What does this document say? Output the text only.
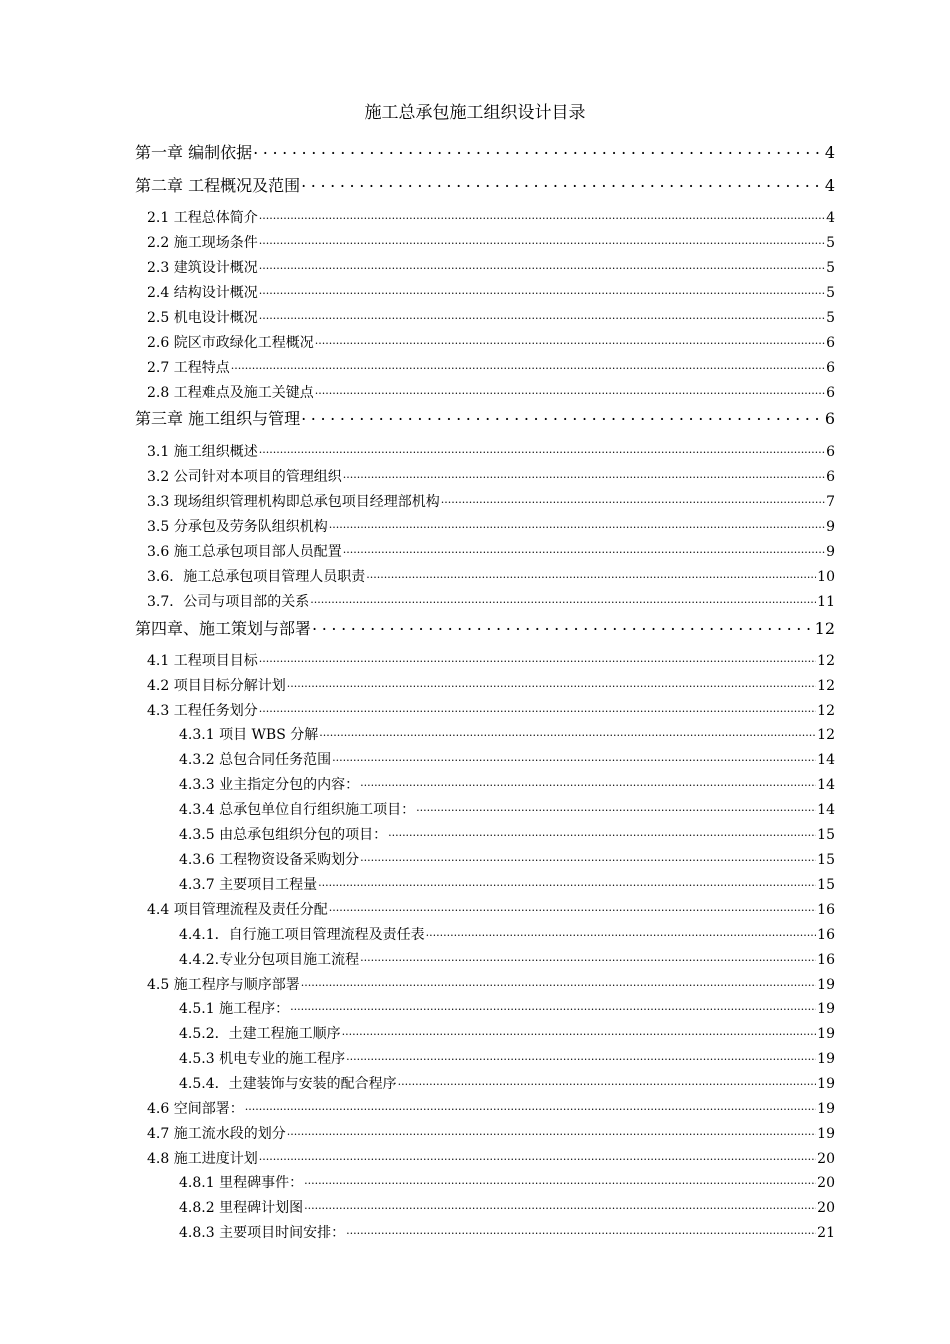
施工总承包施工组织设计目录
第一章 编制依据 .....	4
第二章 工程概况及范围 .....	4
2.1 工程总体简介 .....	4
2.2 施工现场条件 .....	5
2.3 建筑设计概况 .....	5
2.4 结构设计概况 .....	5
2.5 机电设计概况 .....	5
2.6 院区市政绿化工程概况 .....	6
2.7 工程特点 .....	6
2.8 工程难点及施工关键点 .....	6
第三章 施工组织与管理 .....	6
3.1 施工组织概述 .....	6
3.2 公司针对本项目的管理组织 .....	6
3.3 现场组织管理机构即总承包项目经理部机构 .....	7
3.5 分承包及劳务队组织机构 .....	9
3.6 施工总承包项目部人员配置 .....	9
3.6．施工总承包项目管理人员职责 .....	10
3.7．公司与项目部的关系 .....	11
第四章、施工策划与部署 .....	12
4.1 工程项目目标 .....	12
4.2 项目目标分解计划 .....	12
4.3 工程任务划分 .....	12
4.3.1 项目 WBS 分解 .....	12
4.3.2 总包合同任务范围 .....	14
4.3.3 业主指定分包的内容： .....	14
4.3.4 总承包单位自行组织施工项目： .....	14
4.3.5 由总承包组织分包的项目： .....	15
4.3.6 工程物资设备采购划分 .....	15
4.3.7 主要项目工程量 .....	15
4.4 项目管理流程及责任分配 .....	16
4.4.1．自行施工项目管理流程及责任表 .....	16
4.4.2.专业分包项目施工流程 .....	16
4.5 施工程序与顺序部署 .....	19
4.5.1 施工程序： .....	19
4.5.2．土建工程施工顺序 .....	19
4.5.3 机电专业的施工程序 .....	19
4.5.4．土建装饰与安装的配合程序 .....	19
4.6 空间部署： .....	19
4.7 施工流水段的划分 .....	19
4.8 施工进度计划 .....	20
4.8.1 里程碑事件： .....	20
4.8.2 里程碑计划图 .....	20
4.8.3 主要项目时间安排： .....	21
